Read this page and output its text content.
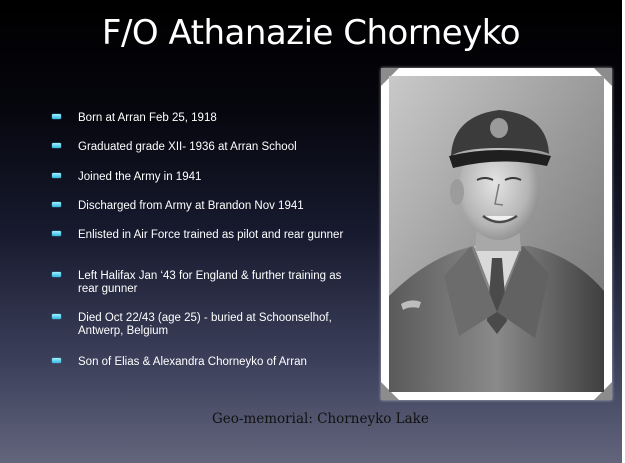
F/O Athanazie Chorneyko
Born at Arran Feb 25, 1918
Graduated grade XII- 1936 at Arran School
Joined the Army in 1941
Discharged from Army at Brandon Nov 1941
Enlisted in Air Force trained as pilot and rear gunner
Left Halifax Jan ‘43 for England & further training as rear gunner
Died Oct 22/43 (age 25) - buried at Schoonselhof, Antwerp, Belgium
Son of Elias & Alexandra Chorneyko of Arran
Geo-memorial: Chorneyko Lake
